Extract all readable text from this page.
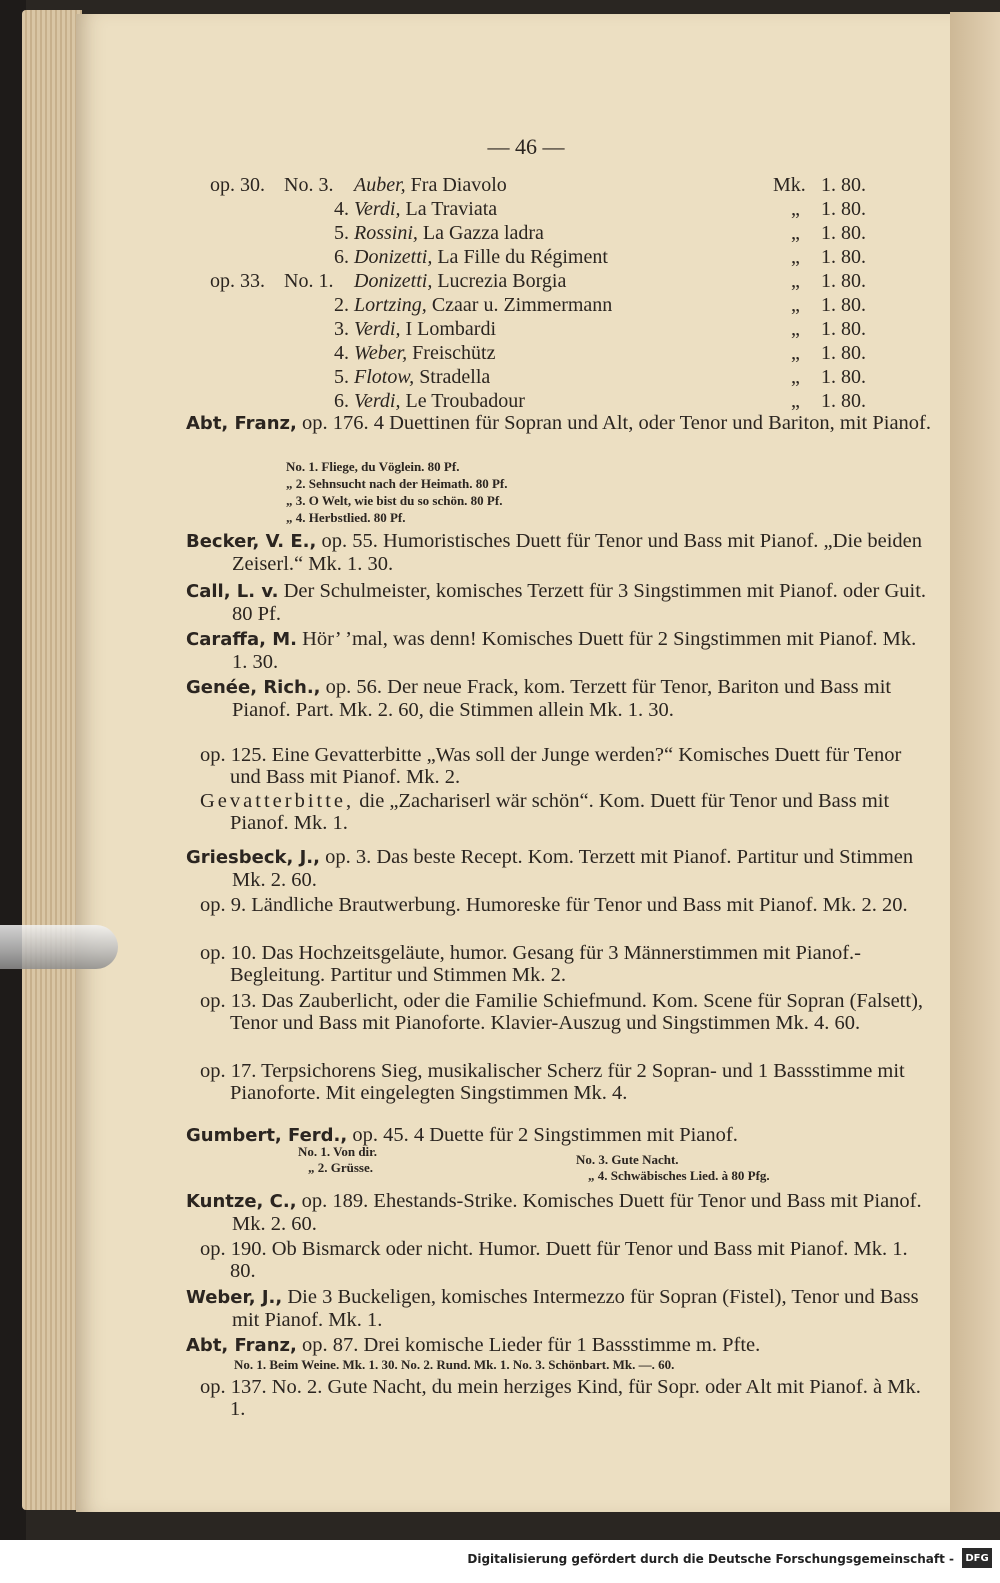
— 46 —
op. 30. No. 3. Auber, Fra Diavolo	Mk. 1. 80.
4. Verdi, La Traviata	„ 1. 80.
5. Rossini, La Gazza ladra	„ 1. 80.
6. Donizetti, La Fille du Régiment	„ 1. 80.
op. 33. No. 1. Donizetti, Lucrezia Borgia	„ 1. 80.
2. Lortzing, Czaar u. Zimmermann	„ 1. 80.
3. Verdi, I Lombardi	„ 1. 80.
4. Weber, Freischütz	„ 1. 80.
5. Flotow, Stradella	„ 1. 80.
6. Verdi, Le Troubadour	„ 1. 80.
Abt, Franz, op. 176. 4 Duettinen für Sopran und Alt, oder Tenor und Bariton, mit Pianof.
No. 1. Fliege, du Vöglein. 80 Pf.
„ 2. Sehnsucht nach der Heimath. 80 Pf.
„ 3. O Welt, wie bist du so schön. 80 Pf.
„ 4. Herbstlied. 80 Pf.
Becker, V. E., op. 55. Humoristisches Duett für Tenor und Bass mit Pianof. „Die beiden Zeiserl.“ Mk. 1. 30.
Call, L. v. Der Schulmeister, komisches Terzett für 3 Singstimmen mit Pianof. oder Guit. 80 Pf.
Caraffa, M. Hör’ ’mal, was denn! Komisches Duett für 2 Singstimmen mit Pianof. Mk. 1. 30.
Genée, Rich., op. 56. Der neue Frack, kom. Terzett für Tenor, Bariton und Bass mit Pianof. Part. Mk. 2. 60, die Stimmen allein Mk. 1. 30.
op. 125. Eine Gevatterbitte „Was soll der Junge werden?“ Komisches Duett für Tenor und Bass mit Pianof. Mk. 2.
Gevatterbitte, die „Zachariserl wär schön“. Kom. Duett für Tenor und Bass mit Pianof. Mk. 1.
Griesbeck, J., op. 3. Das beste Recept. Kom. Terzett mit Pianof. Partitur und Stimmen Mk. 2. 60.
op. 9. Ländliche Brautwerbung. Humoreske für Tenor und Bass mit Pianof. Mk. 2. 20.
op. 10. Das Hochzeitsgeläute, humor. Gesang für 3 Männerstimmen mit Pianof.-Begleitung. Partitur und Stimmen Mk. 2.
op. 13. Das Zauberlicht, oder die Familie Schiefmund. Kom. Scene für Sopran (Falsett), Tenor und Bass mit Pianoforte. Klavier-Auszug und Singstimmen Mk. 4. 60.
op. 17. Terpsichorens Sieg, musikalischer Scherz für 2 Sopran- und 1 Bassstimme mit Pianoforte. Mit eingelegten Singstimmen Mk. 4.
Gumbert, Ferd., op. 45. 4 Duette für 2 Singstimmen mit Pianof.
No. 1. Von dir.
„ 2. Grüsse.
No. 3. Gute Nacht.
„ 4. Schwäbisches Lied. à 80 Pfg.
Kuntze, C., op. 189. Ehestands-Strike. Komisches Duett für Tenor und Bass mit Pianof. Mk. 2. 60.
op. 190. Ob Bismarck oder nicht. Humor. Duett für Tenor und Bass mit Pianof. Mk. 1. 80.
Weber, J., Die 3 Buckeligen, komisches Intermezzo für Sopran (Fistel), Tenor und Bass mit Pianof. Mk. 1.
Abt, Franz, op. 87. Drei komische Lieder für 1 Bassstimme m. Pfte.
No. 1. Beim Weine. Mk. 1. 30. No. 2. Rund. Mk. 1. No. 3. Schönbart. Mk. —. 60.
op. 137. No. 2. Gute Nacht, du mein herziges Kind, für Sopr. oder Alt mit Pianof. à Mk. 1.
Digitalisierung gefördert durch die Deutsche Forschungsgemeinschaft -	DFG
